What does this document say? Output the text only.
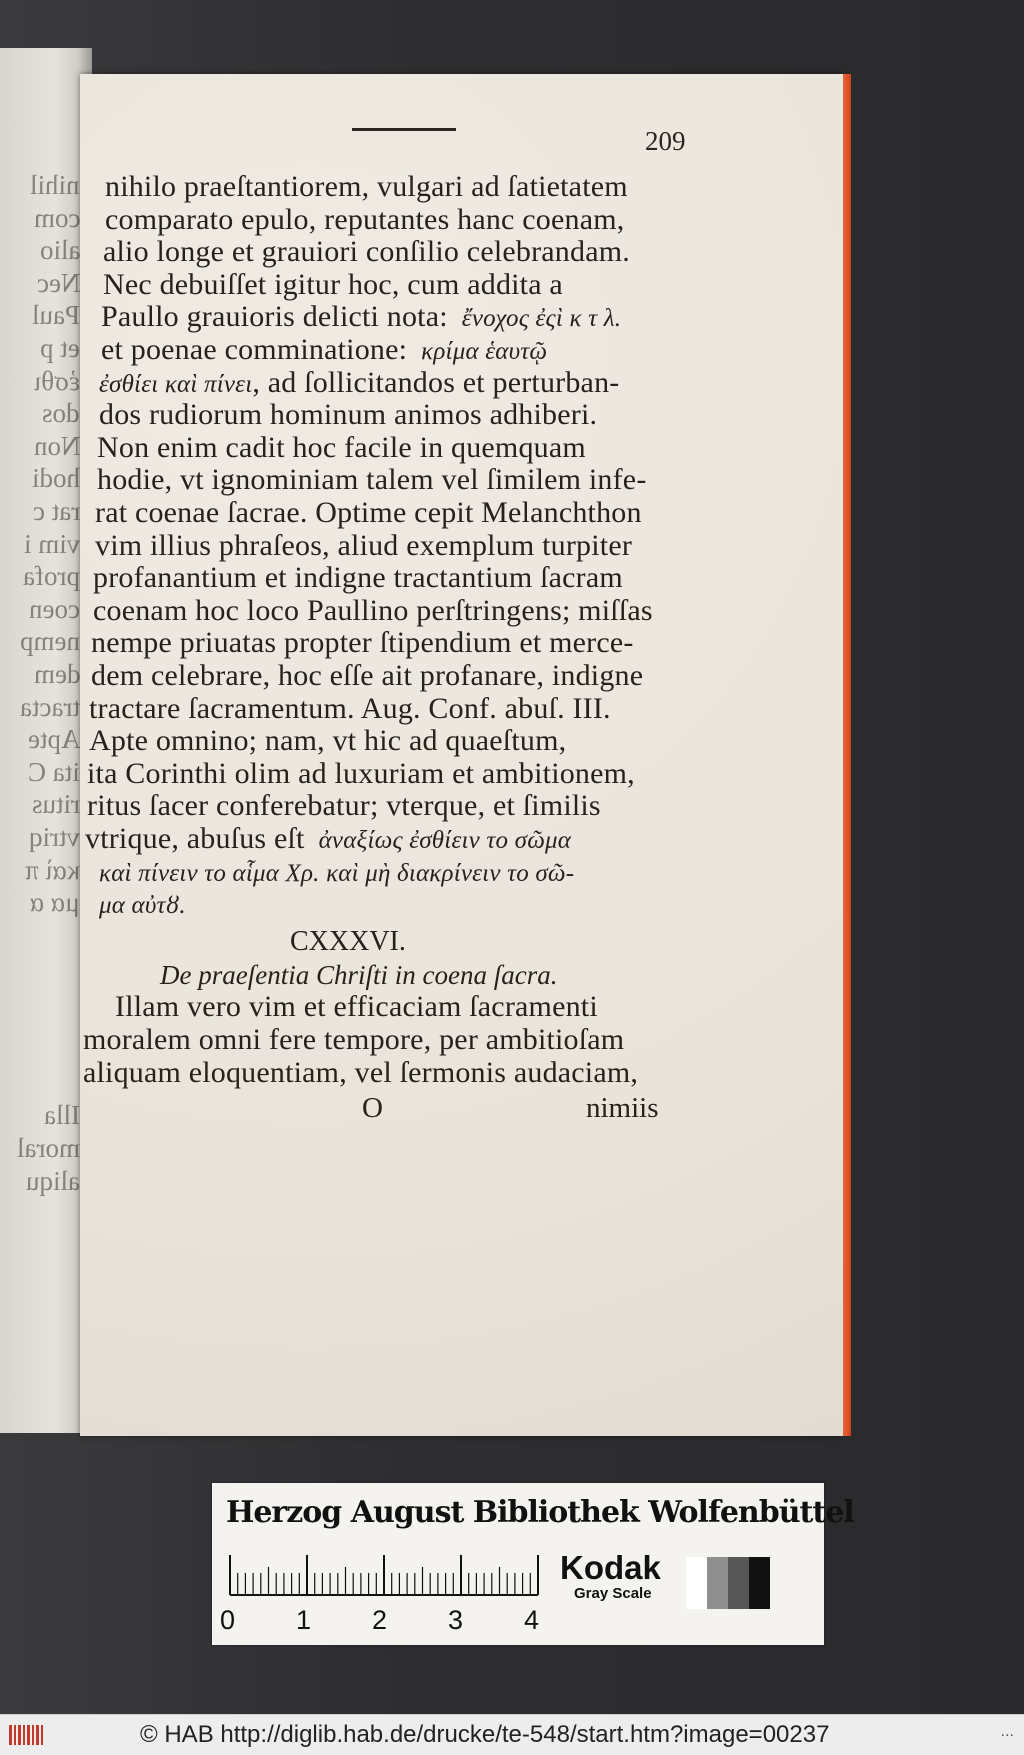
nihil
com
alio
Nec
Paul
et p
ἐσθι
dos
Non
hodi
rat c
vim i
profa
coen
nemp
dem
tracta
Apte
ita C
ritus
vtriq
καὶ π
μα α
Illa
moral
aliqu
209
nihilo praeſtantiorem, vulgari ad ſatietatem
comparato epulo, reputantes hanc coenam,
alio longe et grauiori conſilio celebrandam.
Nec debuiſſet igitur hoc, cum addita a
Paullo grauioris delicti nota: ἔνοχος ἐςὶ κ τ λ.
et poenae comminatione: κρίμα ἑαυτῷ
ἐσθίει καὶ πίνει, ad ſollicitandos et perturban-
dos rudiorum hominum animos adhiberi.
Non enim cadit hoc facile in quemquam
hodie, vt ignominiam talem vel ſimilem infe-
rat coenae ſacrae. Optime cepit Melanchthon
vim illius phraſeos, aliud exemplum turpiter
profanantium et indigne tractantium ſacram
coenam hoc loco Paullino perſtringens; miſſas
nempe priuatas propter ſtipendium et merce-
dem celebrare, hoc eſſe ait profanare, indigne
tractare ſacramentum. Aug. Conf. abuſ. III.
Apte omnino; nam, vt hic ad quaeſtum,
ita Corinthi olim ad luxuriam et ambitionem,
ritus ſacer conferebatur; vterque, et ſimilis
vtrique, abuſus eſt ἀναξίως ἐσθίειν το σῶμα
καὶ πίνειν το αἷμα Χρ. καὶ μὴ διακρίνειν το σῶ-
μα αὐτȣ.
CXXXVI.
De praeſentia Chriſti in coena ſacra.
Illam vero vim et efficaciam ſacramenti
moralem omni fere tempore, per ambitioſam
aliquam eloquentiam, vel ſermonis audaciam,
O	nimiis
Herzog August Bibliothek Wolfenbüttel
0 1 2 3 4
Kodak
Gray Scale
© HAB http://diglib.hab.de/drucke/te-548/start.htm?image=00237	...
